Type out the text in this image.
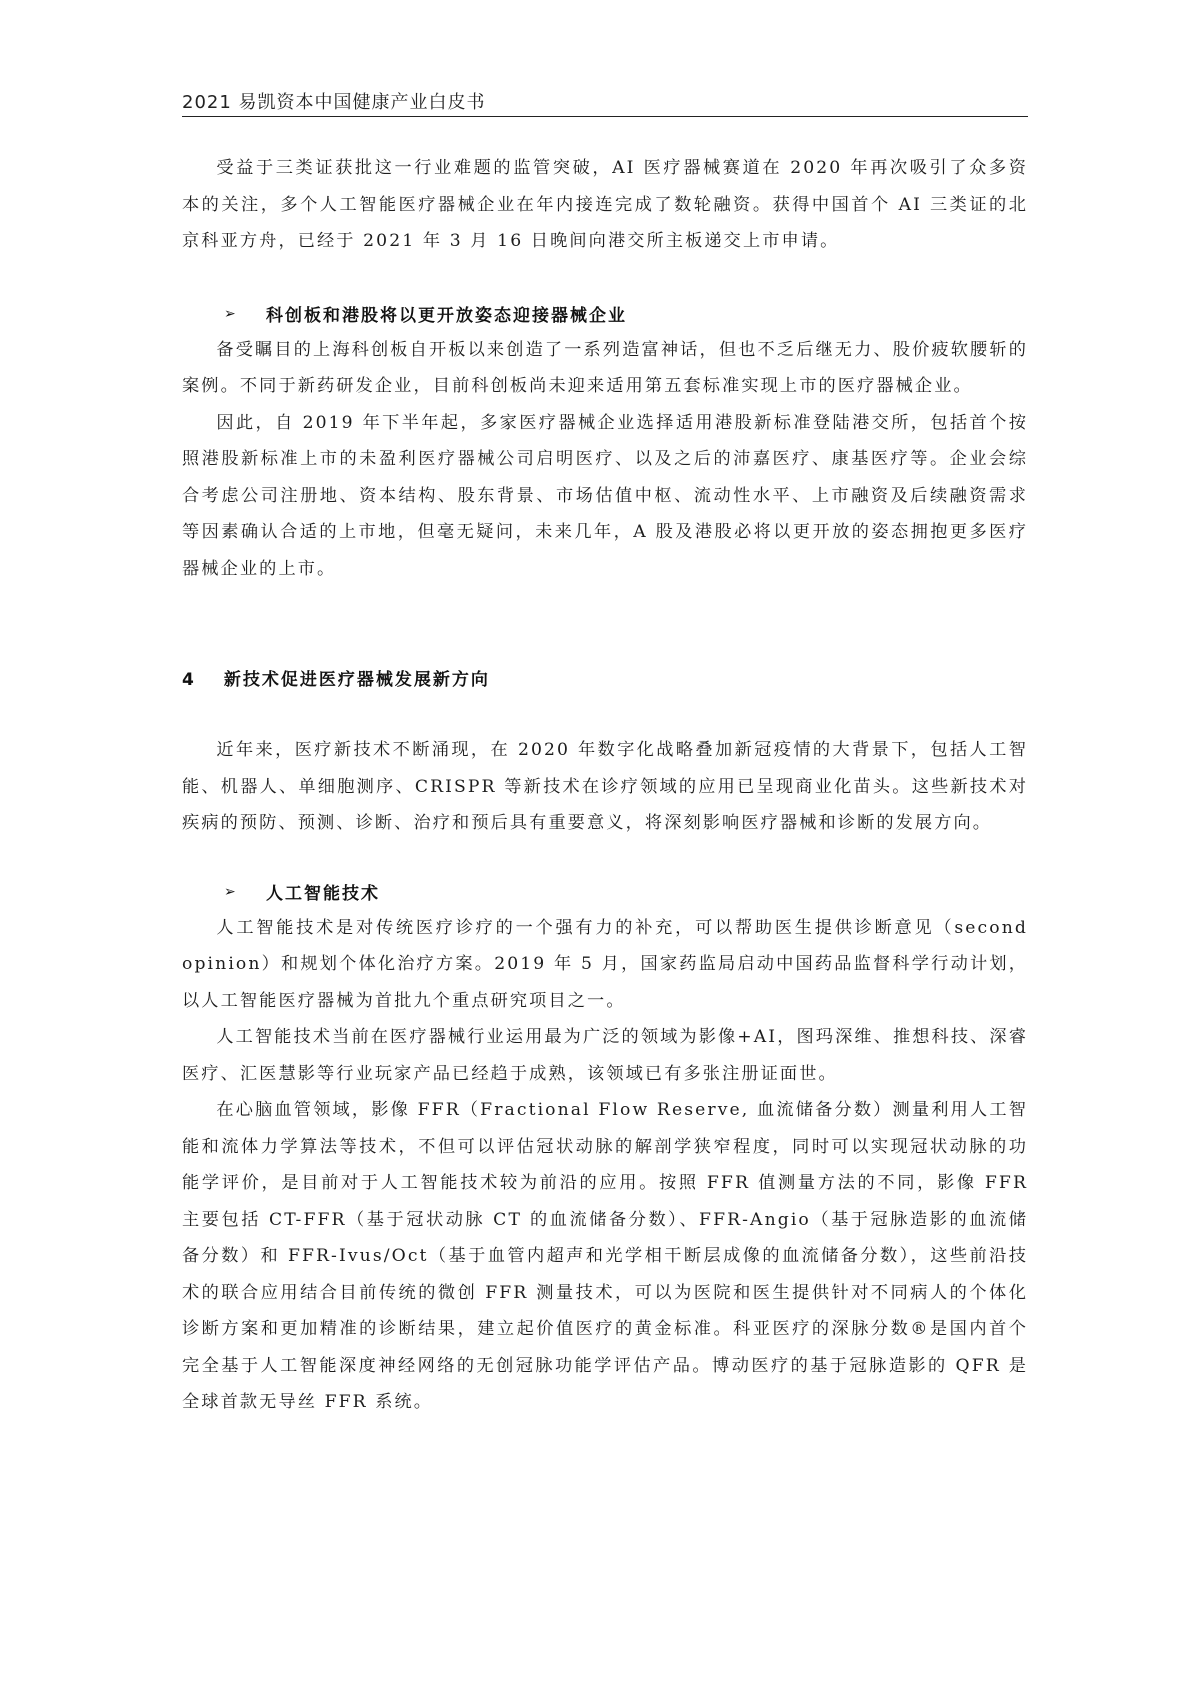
2021 易凯资本中国健康产业白皮书

受益于三类证获批这一行业难题的监管突破，AI 医疗器械赛道在 2020 年再次吸引了众多资本的关注，多个人工智能医疗器械企业在年内接连完成了数轮融资。获得中国首个 AI 三类证的北京科亚方舟，已经于 2021 年 3 月 16 日晚间向港交所主板递交上市申请。

➢	科创板和港股将以更开放姿态迎接器械企业

备受瞩目的上海科创板自开板以来创造了一系列造富神话，但也不乏后继无力、股价疲软腰斩的案例。不同于新药研发企业，目前科创板尚未迎来适用第五套标准实现上市的医疗器械企业。

因此，自 2019 年下半年起，多家医疗器械企业选择适用港股新标准登陆港交所，包括首个按照港股新标准上市的未盈利医疗器械公司启明医疗、以及之后的沛嘉医疗、康基医疗等。企业会综合考虑公司注册地、资本结构、股东背景、市场估值中枢、流动性水平、上市融资及后续融资需求等因素确认合适的上市地，但毫无疑问，未来几年，A 股及港股必将以更开放的姿态拥抱更多医疗器械企业的上市。

4 新技术促进医疗器械发展新方向

近年来，医疗新技术不断涌现，在 2020 年数字化战略叠加新冠疫情的大背景下，包括人工智能、机器人、单细胞测序、CRISPR 等新技术在诊疗领域的应用已呈现商业化苗头。这些新技术对疾病的预防、预测、诊断、治疗和预后具有重要意义，将深刻影响医疗器械和诊断的发展方向。

➢	人工智能技术

人工智能技术是对传统医疗诊疗的一个强有力的补充，可以帮助医生提供诊断意见（second opinion）和规划个体化治疗方案。2019 年 5 月，国家药监局启动中国药品监督科学行动计划，以人工智能医疗器械为首批九个重点研究项目之一。

人工智能技术当前在医疗器械行业运用最为广泛的领域为影像+AI，图玛深维、推想科技、深睿医疗、汇医慧影等行业玩家产品已经趋于成熟，该领域已有多张注册证面世。

在心脑血管领域，影像 FFR（Fractional Flow Reserve, 血流储备分数）测量利用人工智能和流体力学算法等技术，不但可以评估冠状动脉的解剖学狭窄程度，同时可以实现冠状动脉的功能学评价，是目前对于人工智能技术较为前沿的应用。按照 FFR 值测量方法的不同，影像 FFR 主要包括 CT-FFR（基于冠状动脉 CT 的血流储备分数）、FFR-Angio（基于冠脉造影的血流储备分数）和 FFR-Ivus/Oct（基于血管内超声和光学相干断层成像的血流储备分数），这些前沿技术的联合应用结合目前传统的微创 FFR 测量技术，可以为医院和医生提供针对不同病人的个体化诊断方案和更加精准的诊断结果，建立起价值医疗的黄金标准。科亚医疗的深脉分数®是国内首个完全基于人工智能深度神经网络的无创冠脉功能学评估产品。博动医疗的基于冠脉造影的 QFR 是全球首款无导丝 FFR 系统。
